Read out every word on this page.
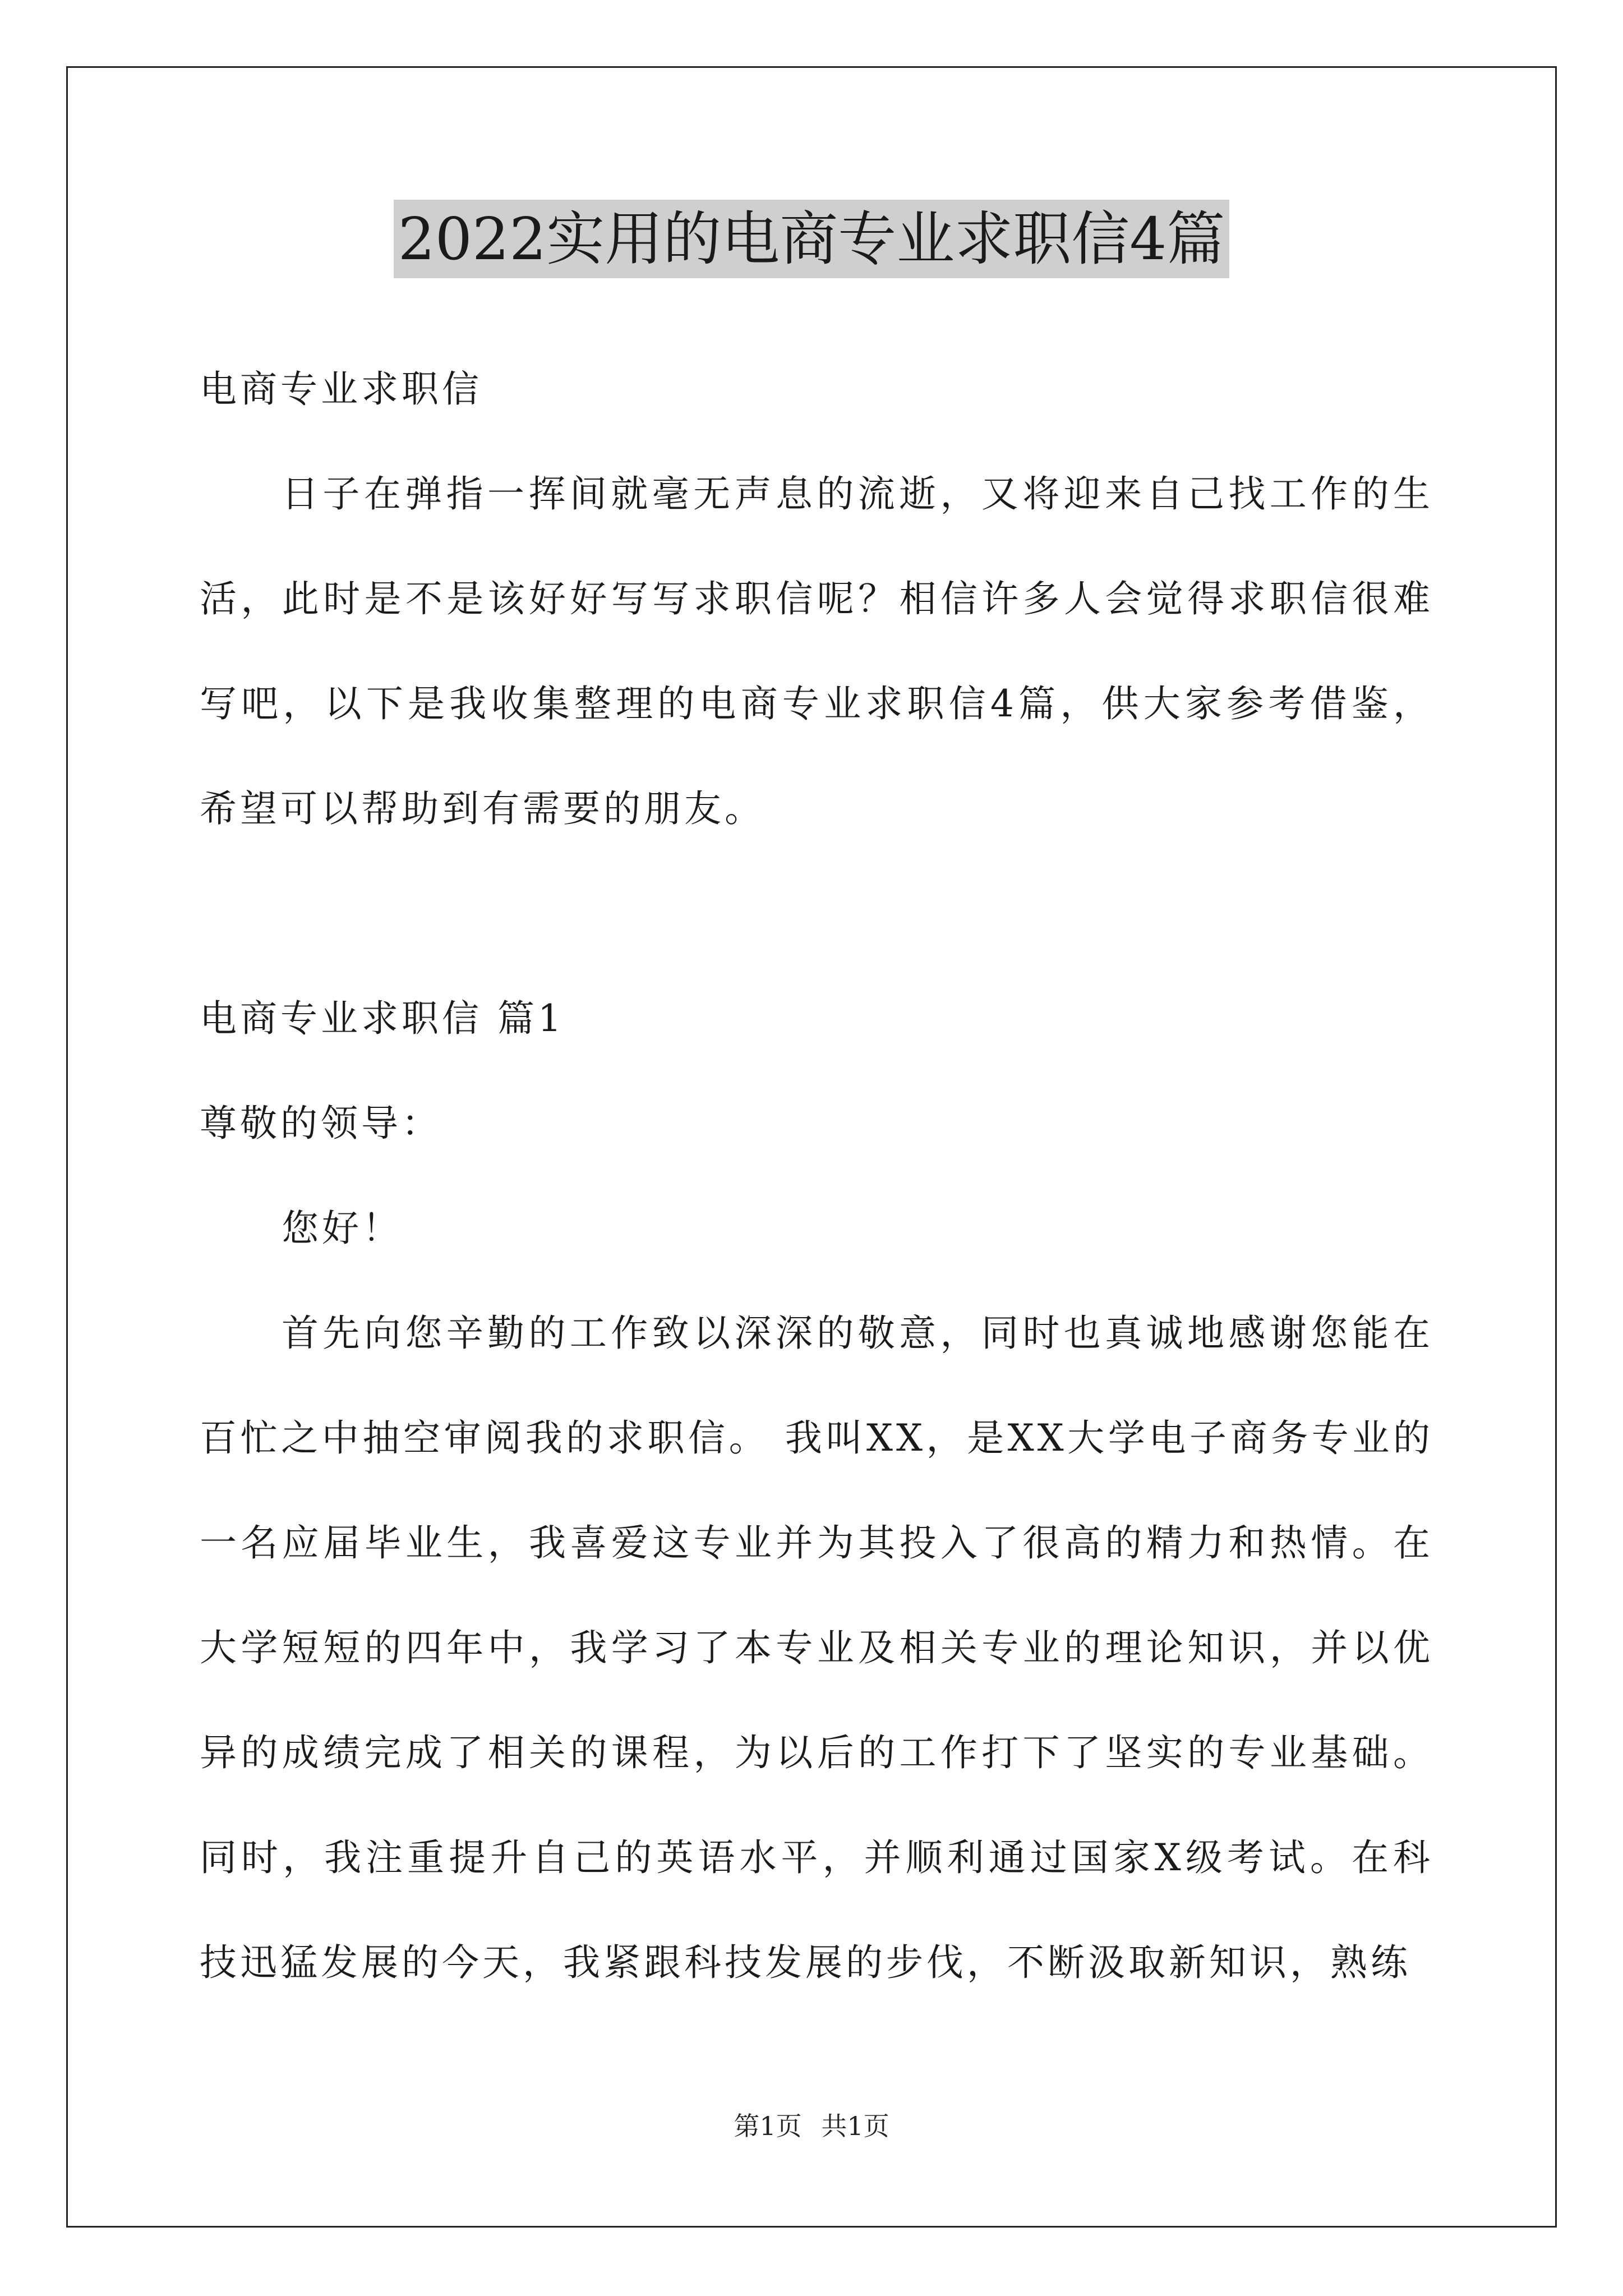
2022实用的电商专业求职信4篇

电商专业求职信

日子在弹指一挥间就毫无声息的流逝，又将迎来自己找工作的生活，此时是不是该好好写写求职信呢？相信许多人会觉得求职信很难写吧，以下是我收集整理的电商专业求职信4篇，供大家参考借鉴，希望可以帮助到有需要的朋友。

电商专业求职信 篇1

尊敬的领导：

您好！

首先向您辛勤的工作致以深深的敬意，同时也真诚地感谢您能在百忙之中抽空审阅我的求职信。 我叫XX，是XX大学电子商务专业的一名应届毕业生，我喜爱这专业并为其投入了很高的精力和热情。在大学短短的四年中，我学习了本专业及相关专业的理论知识，并以优异的成绩完成了相关的课程，为以后的工作打下了坚实的专业基础。同时，我注重提升自己的英语水平，并顺利通过国家X级考试。在科技迅猛发展的今天，我紧跟科技发展的步伐，不断汲取新知识，熟练

第1页 共1页
